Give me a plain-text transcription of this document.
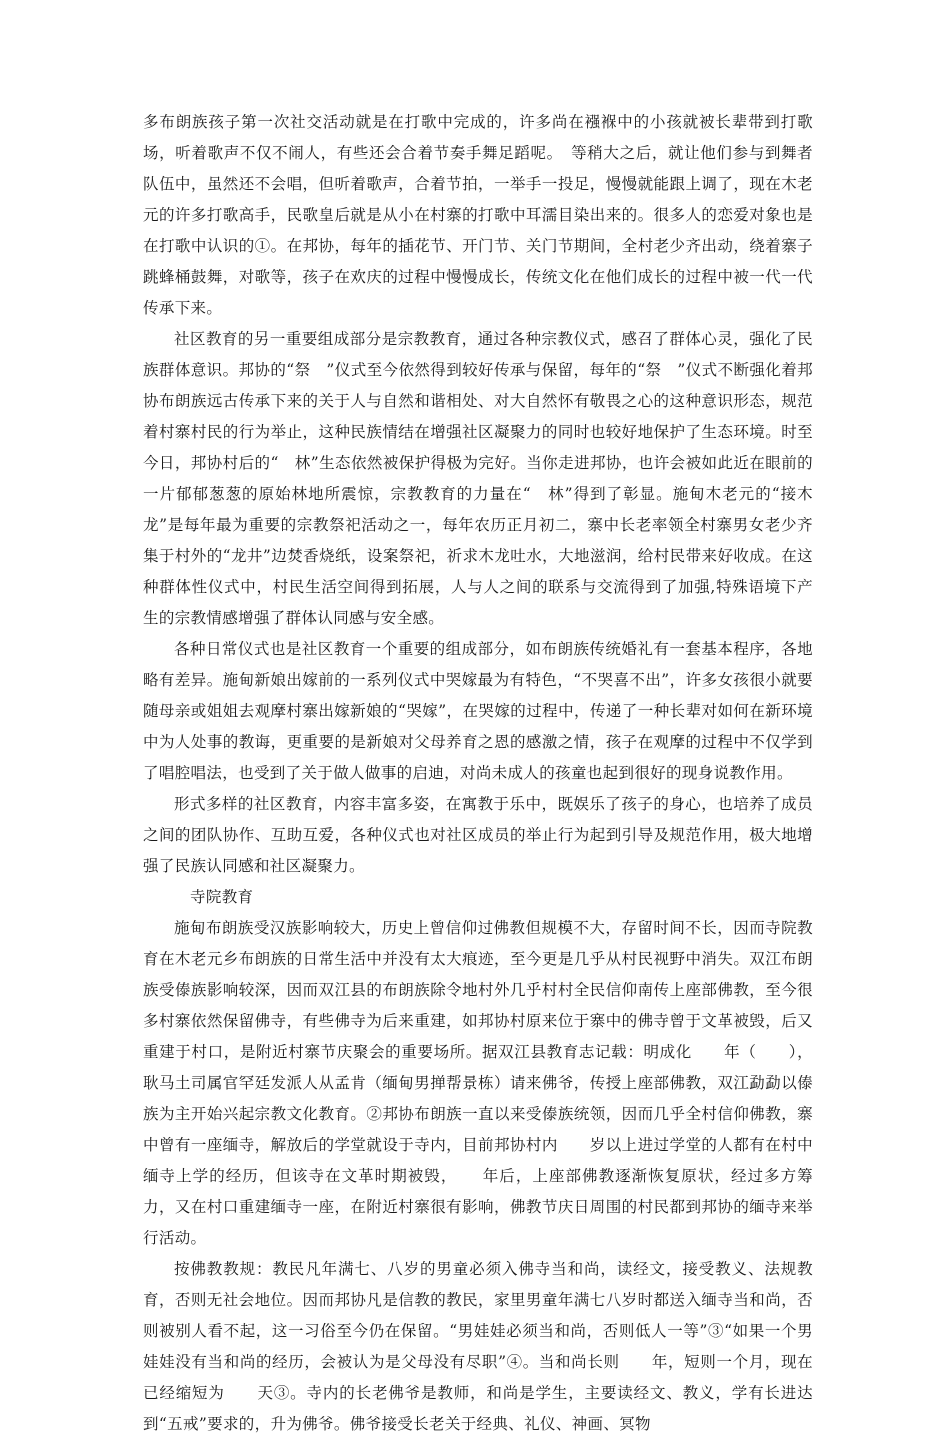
多布朗族孩子第一次社交活动就是在打歌中完成的，许多尚在襁褓中的小孩就被长辈带到打歌场，听着歌声不仅不闹人，有些还会合着节奏手舞足蹈呢。　等稍大之后，就让他们参与到舞者队伍中，虽然还不会唱，但听着歌声，合着节拍，一举手一投足，慢慢就能跟上调了，现在木老元的许多打歌高手，民歌皇后就是从小在村寨的打歌中耳濡目染出来的。很多人的恋爱对象也是在打歌中认识的①。在邦协，每年的插花节、开门节、关门节期间，全村老少齐出动，绕着寨子跳蜂桶鼓舞，对歌等，孩子在欢庆的过程中慢慢成长，传统文化在他们成长的过程中被一代一代传承下来。

社区教育的另一重要组成部分是宗教教育，通过各种宗教仪式，感召了群体心灵，强化了民族群体意识。邦协的“祭　”仪式至今依然得到较好传承与保留，每年的“祭　”仪式不断强化着邦协布朗族远古传承下来的关于人与自然和谐相处、对大自然怀有敬畏之心的这种意识形态，规范着村寨村民的行为举止，这种民族情结在增强社区凝聚力的同时也较好地保护了生态环境。时至今日，邦协村后的“　林”生态依然被保护得极为完好。当你走进邦协，也许会被如此近在眼前的一片郁郁葱葱的原始林地所震惊，宗教教育的力量在“　林”得到了彰显。施甸木老元的“接木龙”是每年最为重要的宗教祭祀活动之一，每年农历正月初二，寨中长老率领全村寨男女老少齐集于村外的“龙井”边焚香烧纸，设案祭祀，祈求木龙吐水，大地滋润，给村民带来好收成。在这种群体性仪式中，村民生活空间得到拓展，人与人之间的联系与交流得到了加强,特殊语境下产生的宗教情感增强了群体认同感与安全感。

各种日常仪式也是社区教育一个重要的组成部分，如布朗族传统婚礼有一套基本程序，各地略有差异。施甸新娘出嫁前的一系列仪式中哭嫁最为有特色，“不哭喜不出”，许多女孩很小就要随母亲或姐姐去观摩村寨出嫁新娘的“哭嫁”，在哭嫁的过程中，传递了一种长辈对如何在新环境中为人处事的教诲，更重要的是新娘对父母养育之恩的感激之情，孩子在观摩的过程中不仅学到了唱腔唱法，也受到了关于做人做事的启迪，对尚未成人的孩童也起到很好的现身说教作用。

形式多样的社区教育，内容丰富多姿，在寓教于乐中，既娱乐了孩子的身心，也培养了成员之间的团队协作、互助互爱，各种仪式也对社区成员的举止行为起到引导及规范作用，极大地增强了民族认同感和社区凝聚力。

寺院教育

施甸布朗族受汉族影响较大，历史上曾信仰过佛教但规模不大，存留时间不长，因而寺院教育在木老元乡布朗族的日常生活中并没有太大痕迹，至今更是几乎从村民视野中消失。双江布朗族受傣族影响较深，因而双江县的布朗族除令地村外几乎村村全民信仰南传上座部佛教，至今很多村寨依然保留佛寺，有些佛寺为后来重建，如邦协村原来位于寨中的佛寺曾于文革被毁，后又重建于村口，是附近村寨节庆聚会的重要场所。据双江县教育志记载：明成化　　年（　　），耿马土司属官罕廷发派人从孟肯（缅甸男掸帮景栋）请来佛爷，传授上座部佛教，双江勐勐以傣族为主开始兴起宗教文化教育。②邦协布朗族一直以来受傣族统领，因而几乎全村信仰佛教，寨中曾有一座缅寺，解放后的学堂就设于寺内，目前邦协村内　　岁以上进过学堂的人都有在村中缅寺上学的经历，但该寺在文革时期被毁，　　年后，上座部佛教逐渐恢复原状，经过多方筹力，又在村口重建缅寺一座，在附近村寨很有影响，佛教节庆日周围的村民都到邦协的缅寺来举行活动。

按佛教教规：教民凡年满七、八岁的男童必须入佛寺当和尚，读经文，接受教义、法规教育，否则无社会地位。因而邦协凡是信教的教民，家里男童年满七八岁时都送入缅寺当和尚，否则被别人看不起，这一习俗至今仍在保留。“男娃娃必须当和尚，否则低人一等”③“如果一个男娃娃没有当和尚的经历，会被认为是父母没有尽职”④。当和尚长则　　年，短则一个月，现在已经缩短为　　天③。寺内的长老佛爷是教师，和尚是学生，主要读经文、教义，学有长进达到“五戒”要求的，升为佛爷。佛爷接受长老关于经典、礼仪、神画、冥物
